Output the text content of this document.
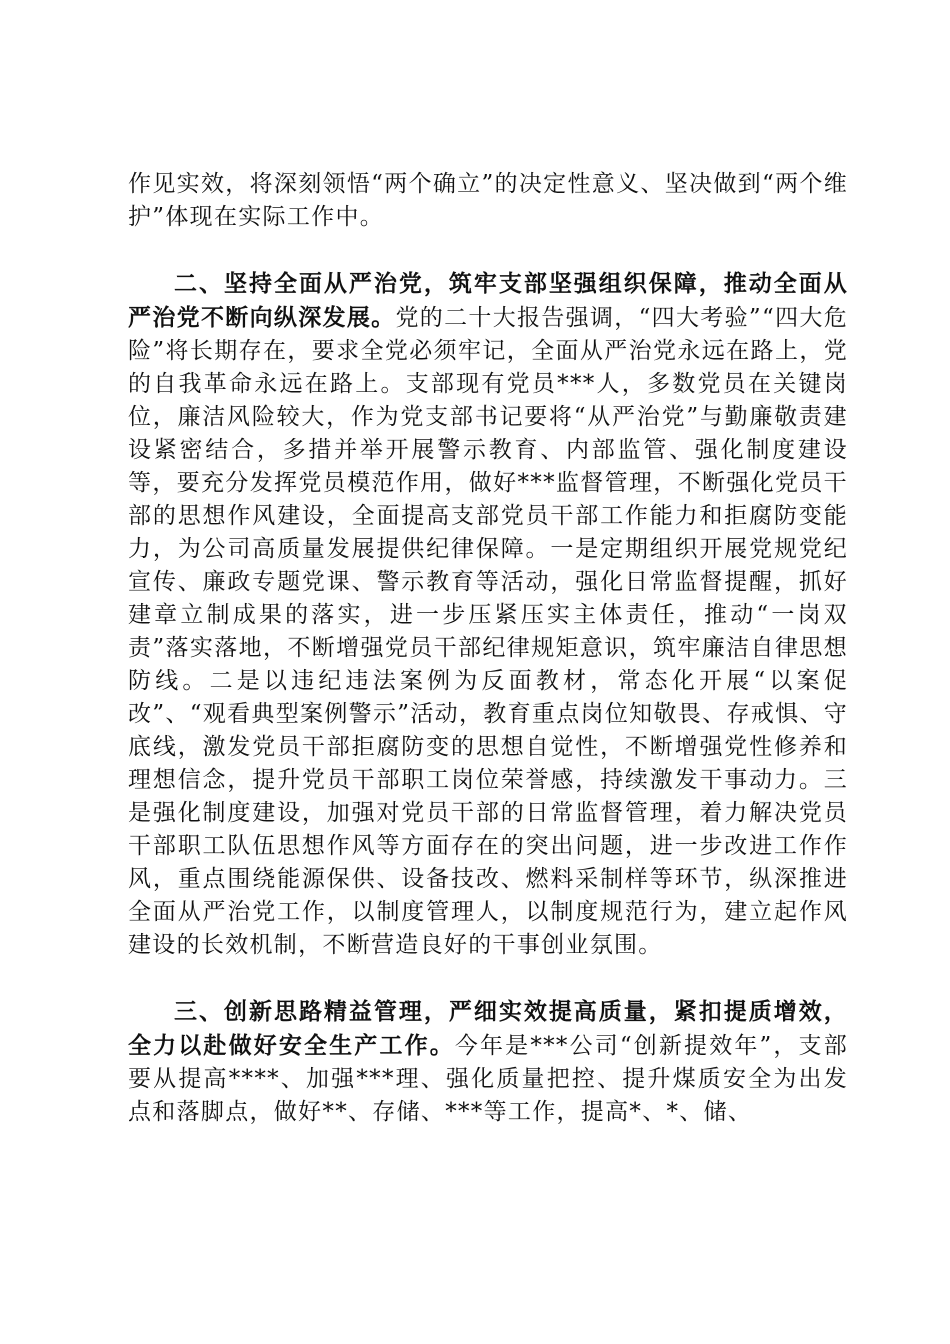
作见实效，将深刻领悟“两个确立”的决定性意义、坚决做到“两个维护”体现在实际工作中。

二、坚持全面从严治党，筑牢支部坚强组织保障，推动全面从严治党不断向纵深发展。党的二十大报告强调，“四大考验”“四大危险”将长期存在，要求全党必须牢记，全面从严治党永远在路上，党的自我革命永远在路上。支部现有党员***人，多数党员在关键岗位，廉洁风险较大，作为党支部书记要将“从严治党”与勤廉敬责建设紧密结合，多措并举开展警示教育、内部监管、强化制度建设等，要充分发挥党员模范作用，做好***监督管理，不断强化党员干部的思想作风建设，全面提高支部党员干部工作能力和拒腐防变能力，为公司高质量发展提供纪律保障。一是定期组织开展党规党纪宣传、廉政专题党课、警示教育等活动，强化日常监督提醒，抓好建章立制成果的落实，进一步压紧压实主体责任，推动“一岗双责”落实落地，不断增强党员干部纪律规矩意识，筑牢廉洁自律思想防线。二是以违纪违法案例为反面教材，常态化开展“以案促改”、“观看典型案例警示”活动，教育重点岗位知敬畏、存戒惧、守底线，激发党员干部拒腐防变的思想自觉性，不断增强党性修养和理想信念，提升党员干部职工岗位荣誉感，持续激发干事动力。三是强化制度建设，加强对党员干部的日常监督管理，着力解决党员干部职工队伍思想作风等方面存在的突出问题，进一步改进工作作风，重点围绕能源保供、设备技改、燃料采制样等环节，纵深推进全面从严治党工作，以制度管理人，以制度规范行为，建立起作风建设的长效机制，不断营造良好的干事创业氛围。

三、创新思路精益管理，严细实效提高质量，紧扣提质增效，全力以赴做好安全生产工作。今年是***公司“创新提效年”，支部要从提高****、加强***理、强化质量把控、提升煤质安全为出发点和落脚点，做好**、存储、***等工作，提高*、*、储、
